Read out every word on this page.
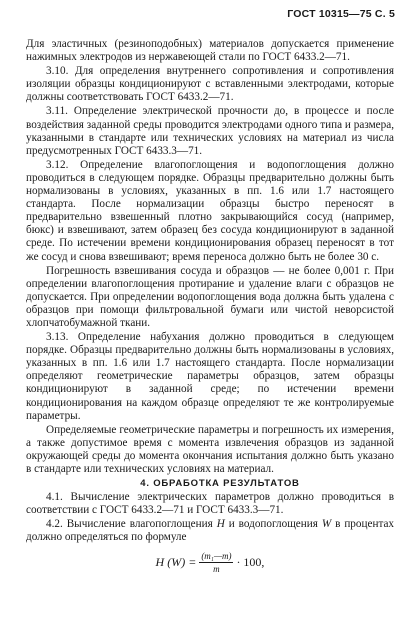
ГОСТ 10315—75 С. 5

Для эластичных (резиноподобных) материалов допускается применение нажимных электродов из нержавеющей стали по ГОСТ 6433.2—71.

3.10. Для определения внутреннего сопротивления и сопротивления изоляции образцы кондиционируют с вставленными электродами, которые должны соответствовать ГОСТ 6433.2—71.

3.11. Определение электрической прочности до, в процессе и после воздействия заданной среды проводится электродами одного типа и размера, указанными в стандарте или технических условиях на материал из числа предусмотренных ГОСТ 6433.3—71.

3.12. Определение влагопоглощения и водопоглощения должно проводиться в следующем порядке. Образцы предварительно должны быть нормализованы в условиях, указанных в пп. 1.6 или 1.7 настоящего стандарта. После нормализации образцы быстро переносят в предварительно взвешенный плотно закрывающийся сосуд (например, бюкс) и взвешивают, затем образец без сосуда кондиционируют в заданной среде. По истечении времени кондиционирования образец переносят в тот же сосуд и снова взвешивают; время переноса должно быть не более 30 с.

Погрешность взвешивания сосуда и образцов — не более 0,001 г. При определении влагопоглощения протирание и удаление влаги с образцов не допускается. При определении водопоглощения вода должна быть удалена с образцов при помощи фильтровальной бумаги или чистой неворсистой хлопчатобумажной ткани.

3.13. Определение набухания должно проводиться в следующем порядке. Образцы предварительно должны быть нормализованы в условиях, указанных в пп. 1.6 или 1.7 настоящего стандарта. После нормализации определяют геометрические параметры образцов, затем образцы кондиционируют в заданной среде; по истечении времени кондиционирования на каждом образце определяют те же контролируемые параметры.

Определяемые геометрические параметры и погрешность их измерения, а также допустимое время с момента извлечения образцов из заданной окружающей среды до момента окончания испытания должно быть указано в стандарте или технических условиях на материал.

4. ОБРАБОТКА РЕЗУЛЬТАТОВ

4.1. Вычисление электрических параметров должно проводиться в соответствии с ГОСТ 6433.2—71 и ГОСТ 6433.3—71.

4.2. Вычисление влагопоглощения H и водопоглощения W в процентах должно определяться по формуле

H $(W) = \frac{\text{(m₁—m)}}{m} \cdot 100$,
